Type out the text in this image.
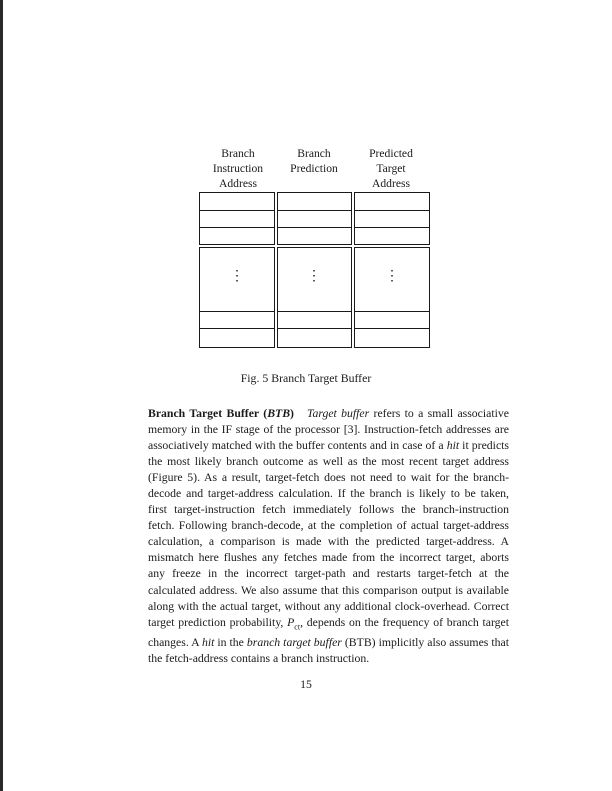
Branch
Instruction
Address
Branch
Prediction
Predicted
Target
Address
⋮	⋮	⋮
Fig. 5 Branch Target Buffer
Branch Target Buffer (BTB) Target buffer refers to a small associative memory in the IF stage of the processor [3]. Instruction-fetch addresses are associatively matched with the buffer contents and in case of a hit it predicts the most likely branch outcome as well as the most recent target address (Figure 5). As a result, target-fetch does not need to wait for the branch-decode and target-address calculation. If the branch is likely to be taken, first target-instruction fetch immediately follows the branch-instruction fetch. Following branch-decode, at the completion of actual target-address calculation, a comparison is made with the predicted target-address. A mismatch here flushes any fetches made from the incorrect target, aborts any freeze in the incorrect target-path and restarts target-fetch at the calculated address. We also assume that this comparison output is available along with the actual target, without any additional clock-overhead. Correct target prediction probability, $P_{ct}$, depends on the frequency of branch target changes. A hit in the branch target buffer (BTB) implicitly also assumes that the fetch-address contains a branch instruction.
15
